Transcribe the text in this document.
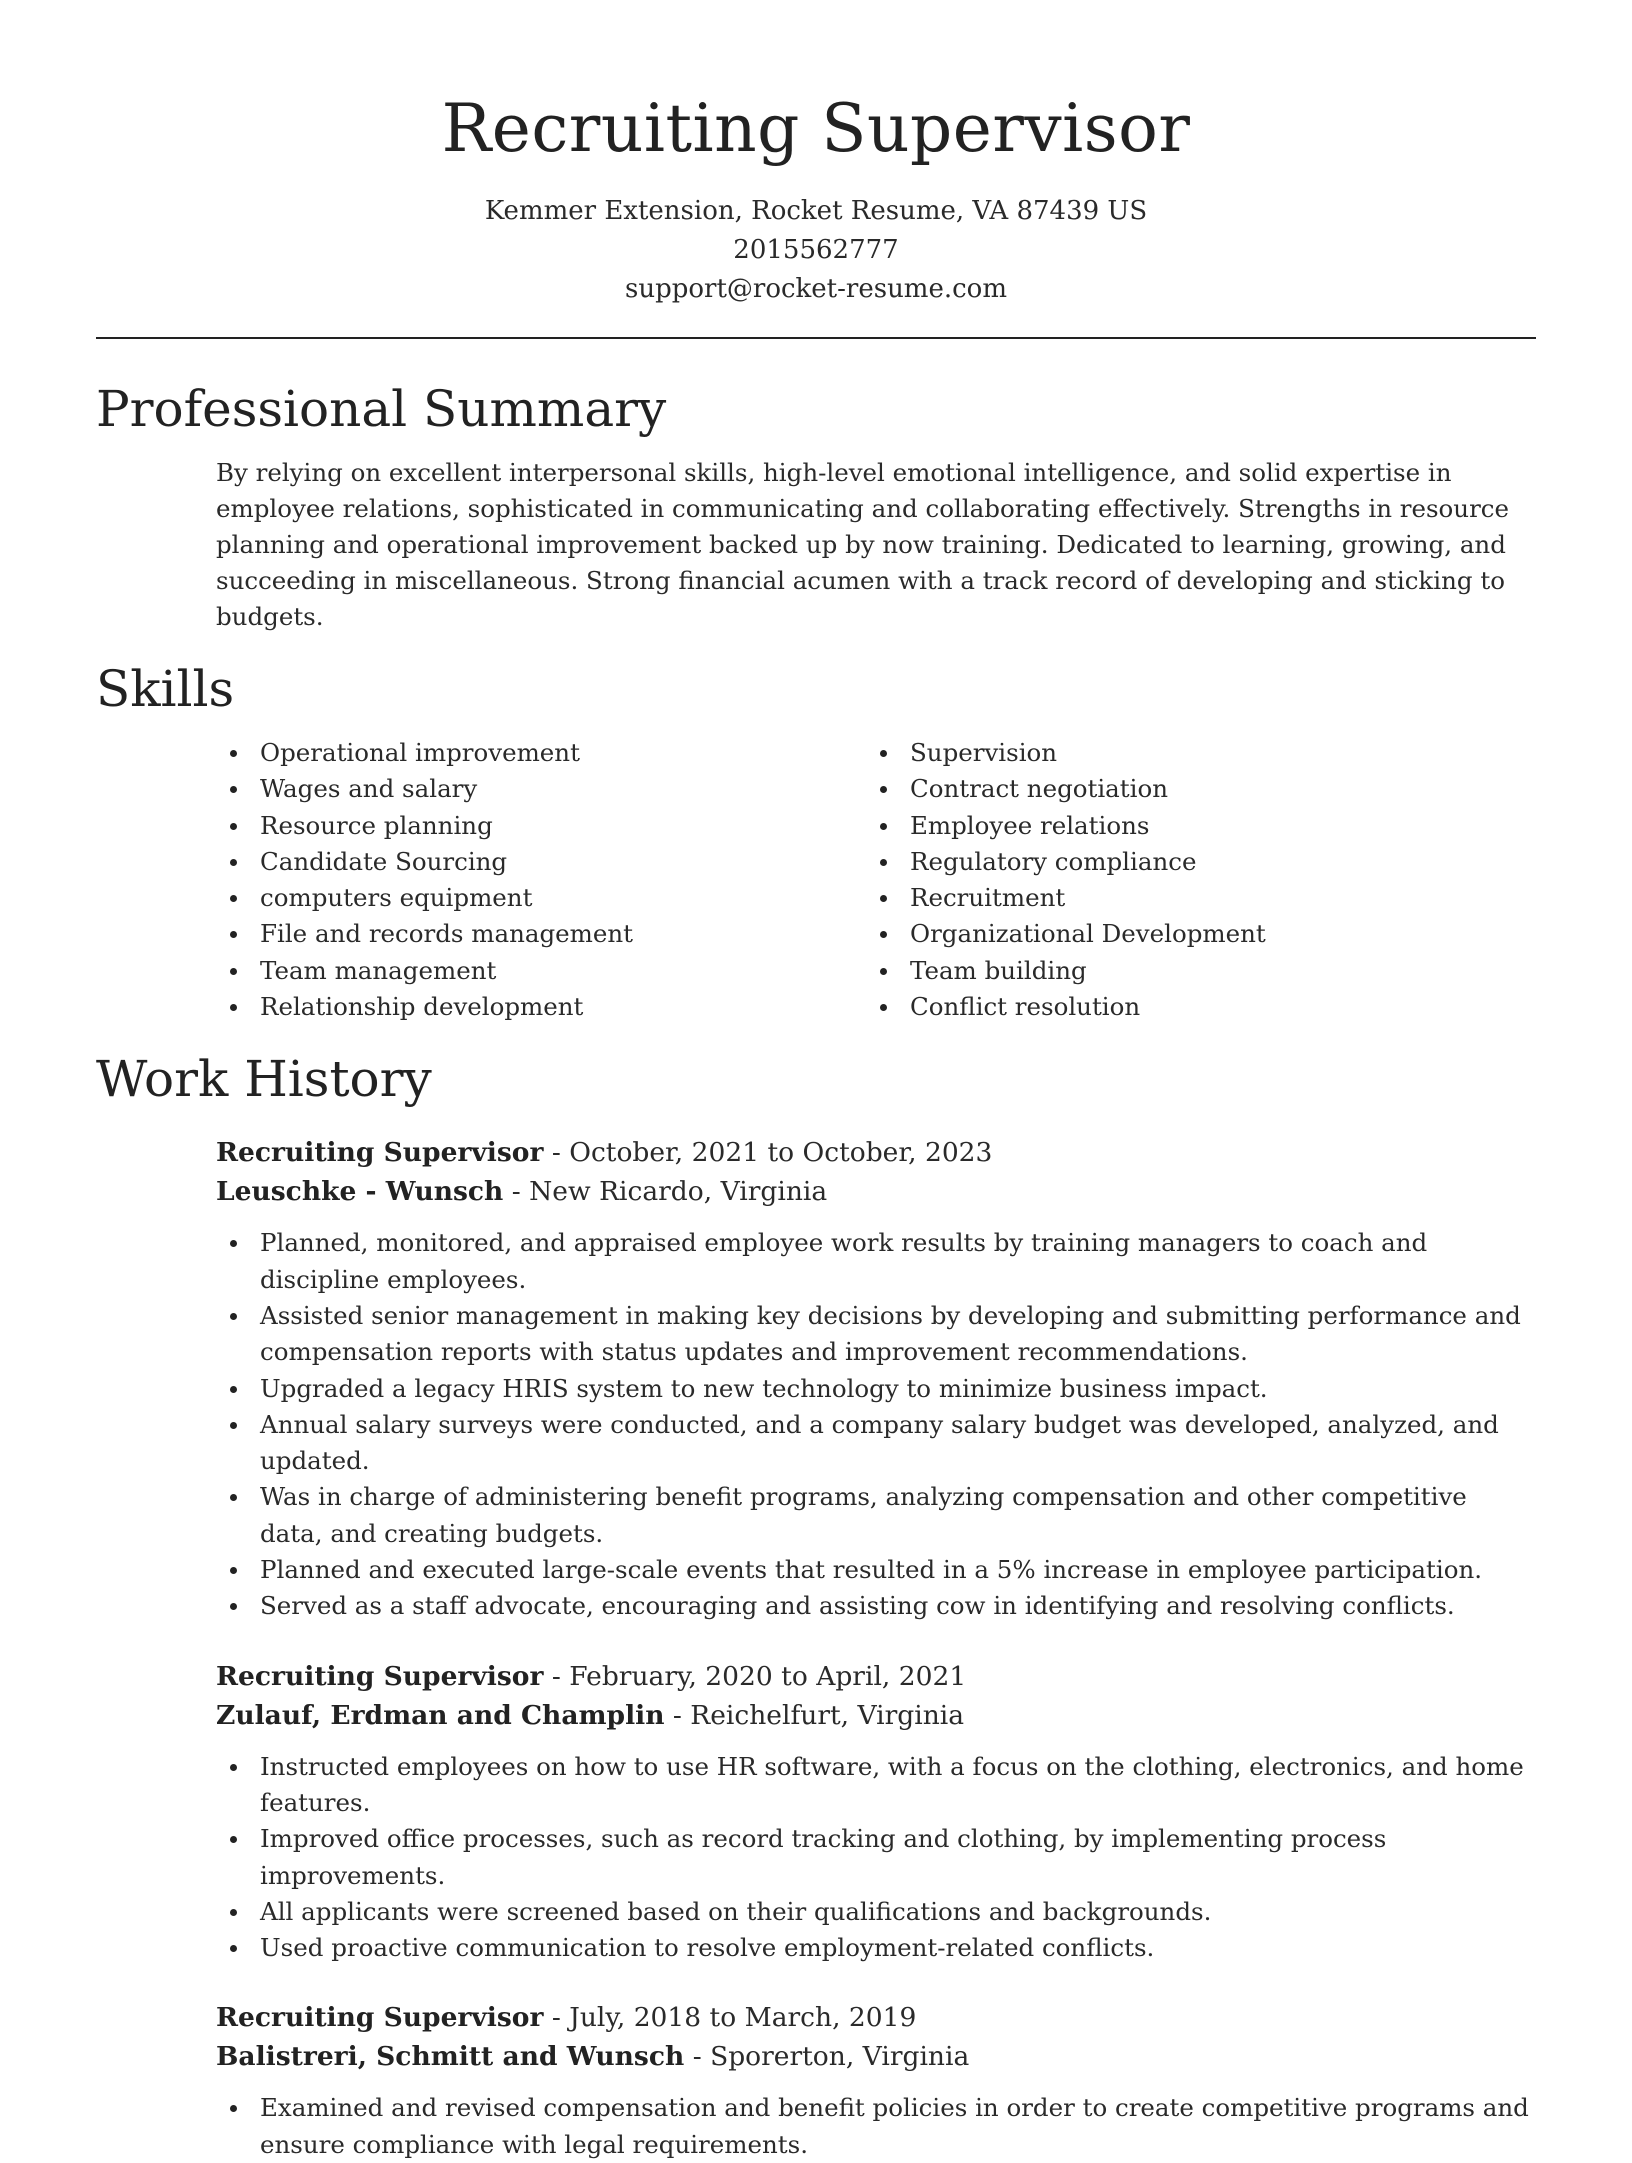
Recruiting Supervisor
Kemmer Extension, Rocket Resume, VA 87439 US
2015562777
support@rocket-resume.com
Professional Summary

By relying on excellent interpersonal skills, high-level emotional intelligence, and solid expertise in employee relations, sophisticated in communicating and collaborating effectively. Strengths in resource planning and operational improvement backed up by now training. Dedicated to learning, growing, and succeeding in miscellaneous. Strong financial acumen with a track record of developing and sticking to budgets.

Skills
Operational improvement
Wages and salary
Resource planning
Candidate Sourcing
computers equipment
File and records management
Team management
Relationship development
Supervision
Contract negotiation
Employee relations
Regulatory compliance
Recruitment
Organizational Development
Team building
Conflict resolution
Work History
Recruiting Supervisor - October, 2021 to October, 2023
Leuschke - Wunsch - New Ricardo, Virginia
Planned, monitored, and appraised employee work results by training managers to coach and discipline employees.
Assisted senior management in making key decisions by developing and submitting performance and compensation reports with status updates and improvement recommendations.
Upgraded a legacy HRIS system to new technology to minimize business impact.
Annual salary surveys were conducted, and a company salary budget was developed, analyzed, and updated.
Was in charge of administering benefit programs, analyzing compensation and other competitive data, and creating budgets.
Planned and executed large-scale events that resulted in a 5% increase in employee participation.
Served as a staff advocate, encouraging and assisting cow in identifying and resolving conflicts.
Recruiting Supervisor - February, 2020 to April, 2021
Zulauf, Erdman and Champlin - Reichelfurt, Virginia
Instructed employees on how to use HR software, with a focus on the clothing, electronics, and home features.
Improved office processes, such as record tracking and clothing, by implementing process improvements.
All applicants were screened based on their qualifications and backgrounds.
Used proactive communication to resolve employment-related conflicts.
Recruiting Supervisor - July, 2018 to March, 2019
Balistreri, Schmitt and Wunsch - Sporerton, Virginia
Examined and revised compensation and benefit policies in order to create competitive programs and ensure compliance with legal requirements.
